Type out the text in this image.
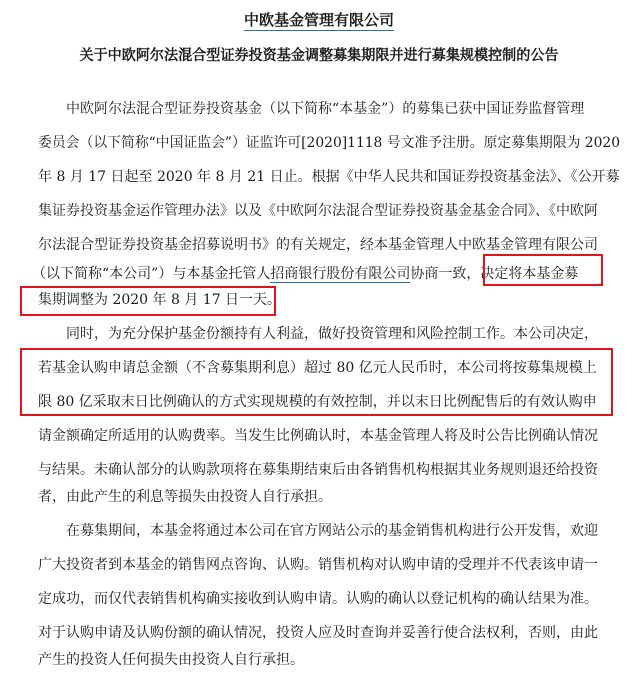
中欧基金管理有限公司
关于中欧阿尔法混合型证券投资基金调整募集期限并进行募集规模控制的公告
中欧阿尔法混合型证券投资基金（以下简称“本基金”）的募集已获中国证券监督管理
委员会（以下简称“中国证监会”）证监许可[2020]1118 号文准予注册。原定募集期限为 2020
年 8 月 17 日起至 2020 年 8 月 21 日止。根据《中华人民共和国证券投资基金法》、《公开募
集证券投资基金运作管理办法》以及《中欧阿尔法混合型证券投资基金基金合同》、《中欧阿
尔法混合型证券投资基金招募说明书》的有关规定，经本基金管理人中欧基金管理有限公司
（以下简称“本公司”）与本基金托管人招商银行股份有限公司协商一致，决定将本基金募
集期调整为 2020 年 8 月 17 日一天。
同时，为充分保护基金份额持有人利益，做好投资管理和风险控制工作。本公司决定，
若基金认购申请总金额（不含募集期利息）超过 80 亿元人民币时，本公司将按募集规模上
限 80 亿采取末日比例确认的方式实现规模的有效控制，并以末日比例配售后的有效认购申
请金额确定所适用的认购费率。当发生比例确认时，本基金管理人将及时公告比例确认情况
与结果。未确认部分的认购款项将在募集期结束后由各销售机构根据其业务规则退还给投资
者，由此产生的利息等损失由投资人自行承担。
在募集期间，本基金将通过本公司在官方网站公示的基金销售机构进行公开发售，欢迎
广大投资者到本基金的销售网点咨询、认购。销售机构对认购申请的受理并不代表该申请一
定成功，而仅代表销售机构确实接收到认购申请。认购的确认以登记机构的确认结果为准。
对于认购申请及认购份额的确认情况，投资人应及时查询并妥善行使合法权利，否则，由此
产生的投资人任何损失由投资人自行承担。
